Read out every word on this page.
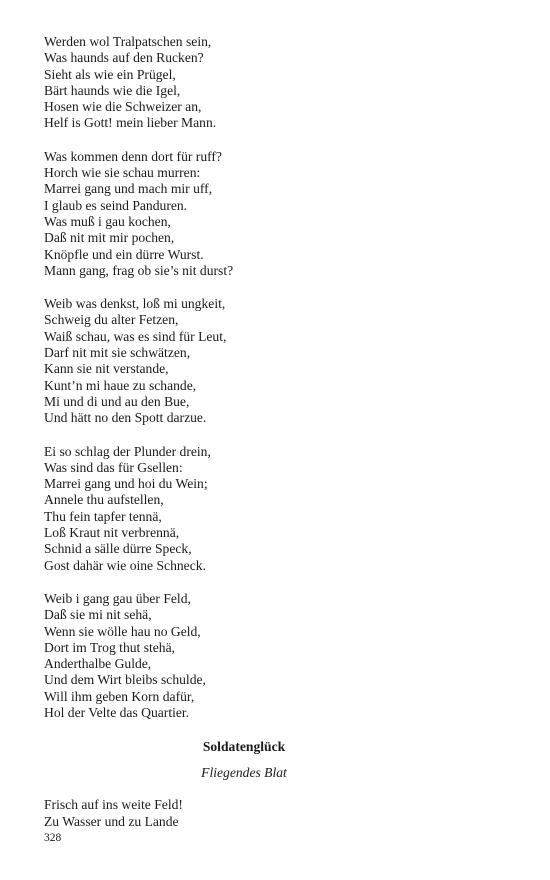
Werden wol Tralpatschen sein,
Was haunds auf den Rucken?
Sieht als wie ein Prügel,
Bärt haunds wie die Igel,
Hosen wie die Schweizer an,
Helf is Gott! mein lieber Mann.
Was kommen denn dort für ruff?
Horch wie sie schau murren:
Marrei gang und mach mir uff,
I glaub es seind Panduren.
Was muß i gau kochen,
Daß nit mit mir pochen,
Knöpfle und ein dürre Wurst.
Mann gang, frag ob sie’s nit durst?
Weib was denkst, loß mi ungkeit,
Schweig du alter Fetzen,
Waiß schau, was es sind für Leut,
Darf nit mit sie schwätzen,
Kann sie nit verstande,
Kunt’n mi haue zu schande,
Mi und di und au den Bue,
Und hätt no den Spott darzue.
Ei so schlag der Plunder drein,
Was sind das für Gsellen:
Marrei gang und hoi du Wein;
Annele thu aufstellen,
Thu fein tapfer tennä,
Loß Kraut nit verbrennä,
Schnid a sälle dürre Speck,
Gost dahär wie oine Schneck.
Weib i gang gau über Feld,
Daß sie mi nit sehä,
Wenn sie wölle hau no Geld,
Dort im Trog thut stehä,
Anderthalbe Gulde,
Und dem Wirt bleibs schulde,
Will ihm geben Korn dafür,
Hol der Velte das Quartier.
Soldatenglück
Fliegendes Blat
Frisch auf ins weite Feld!
Zu Wasser und zu Lande
328
